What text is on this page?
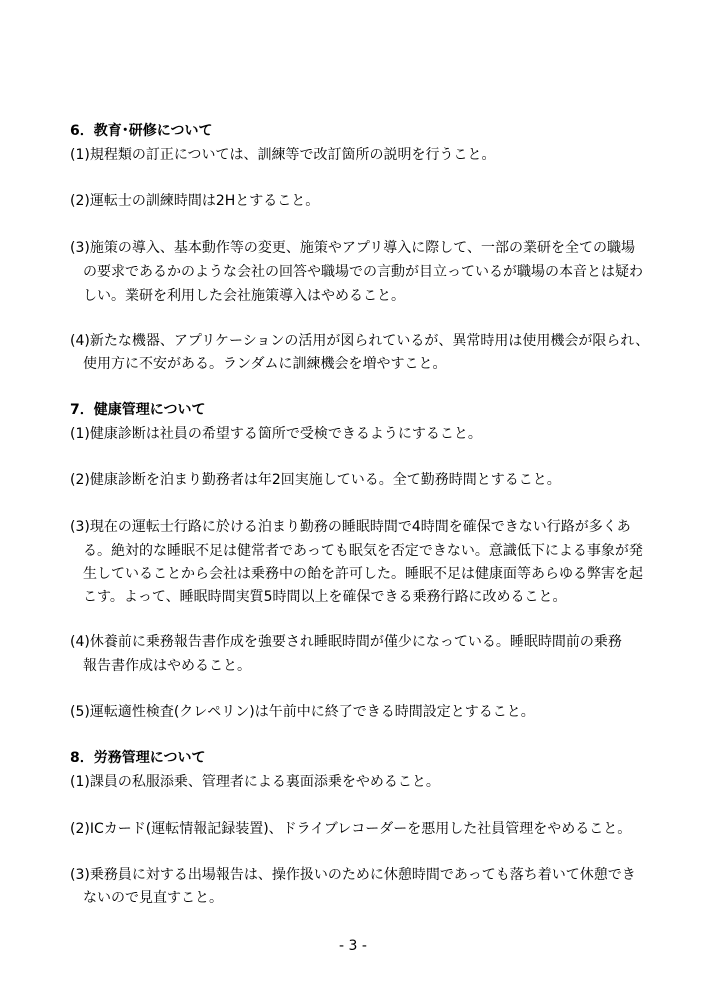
6．教育･研修について
(1)規程類の訂正については、訓練等で改訂箇所の説明を行うこと。
(2)運転士の訓練時間は2Hとすること。
(3)施策の導入、基本動作等の変更、施策やアプリ導入に際して、一部の業研を全ての職場
の要求であるかのような会社の回答や職場での言動が目立っているが職場の本音とは疑わ
しい。業研を利用した会社施策導入はやめること。
(4)新たな機器、アプリケーションの活用が図られているが、異常時用は使用機会が限られ、
使用方に不安がある。ランダムに訓練機会を増やすこと。
7．健康管理について
(1)健康診断は社員の希望する箇所で受検できるようにすること。
(2)健康診断を泊まり勤務者は年2回実施している。全て勤務時間とすること。
(3)現在の運転士行路に於ける泊まり勤務の睡眠時間で4時間を確保できない行路が多くあ
る。絶対的な睡眠不足は健常者であっても眠気を否定できない。意識低下による事象が発
生していることから会社は乗務中の飴を許可した。睡眠不足は健康面等あらゆる弊害を起
こす。よって、睡眠時間実質5時間以上を確保できる乗務行路に改めること。
(4)休養前に乗務報告書作成を強要され睡眠時間が僅少になっている。睡眠時間前の乗務
報告書作成はやめること。
(5)運転適性検査(クレペリン)は午前中に終了できる時間設定とすること。
8．労務管理について
(1)課員の私服添乗、管理者による裏面添乗をやめること。
(2)ICカード(運転情報記録装置)、ドライブレコーダーを悪用した社員管理をやめること。
(3)乗務員に対する出場報告は、操作扱いのために休憩時間であっても落ち着いて休憩でき
ないので見直すこと。
- 3 -
